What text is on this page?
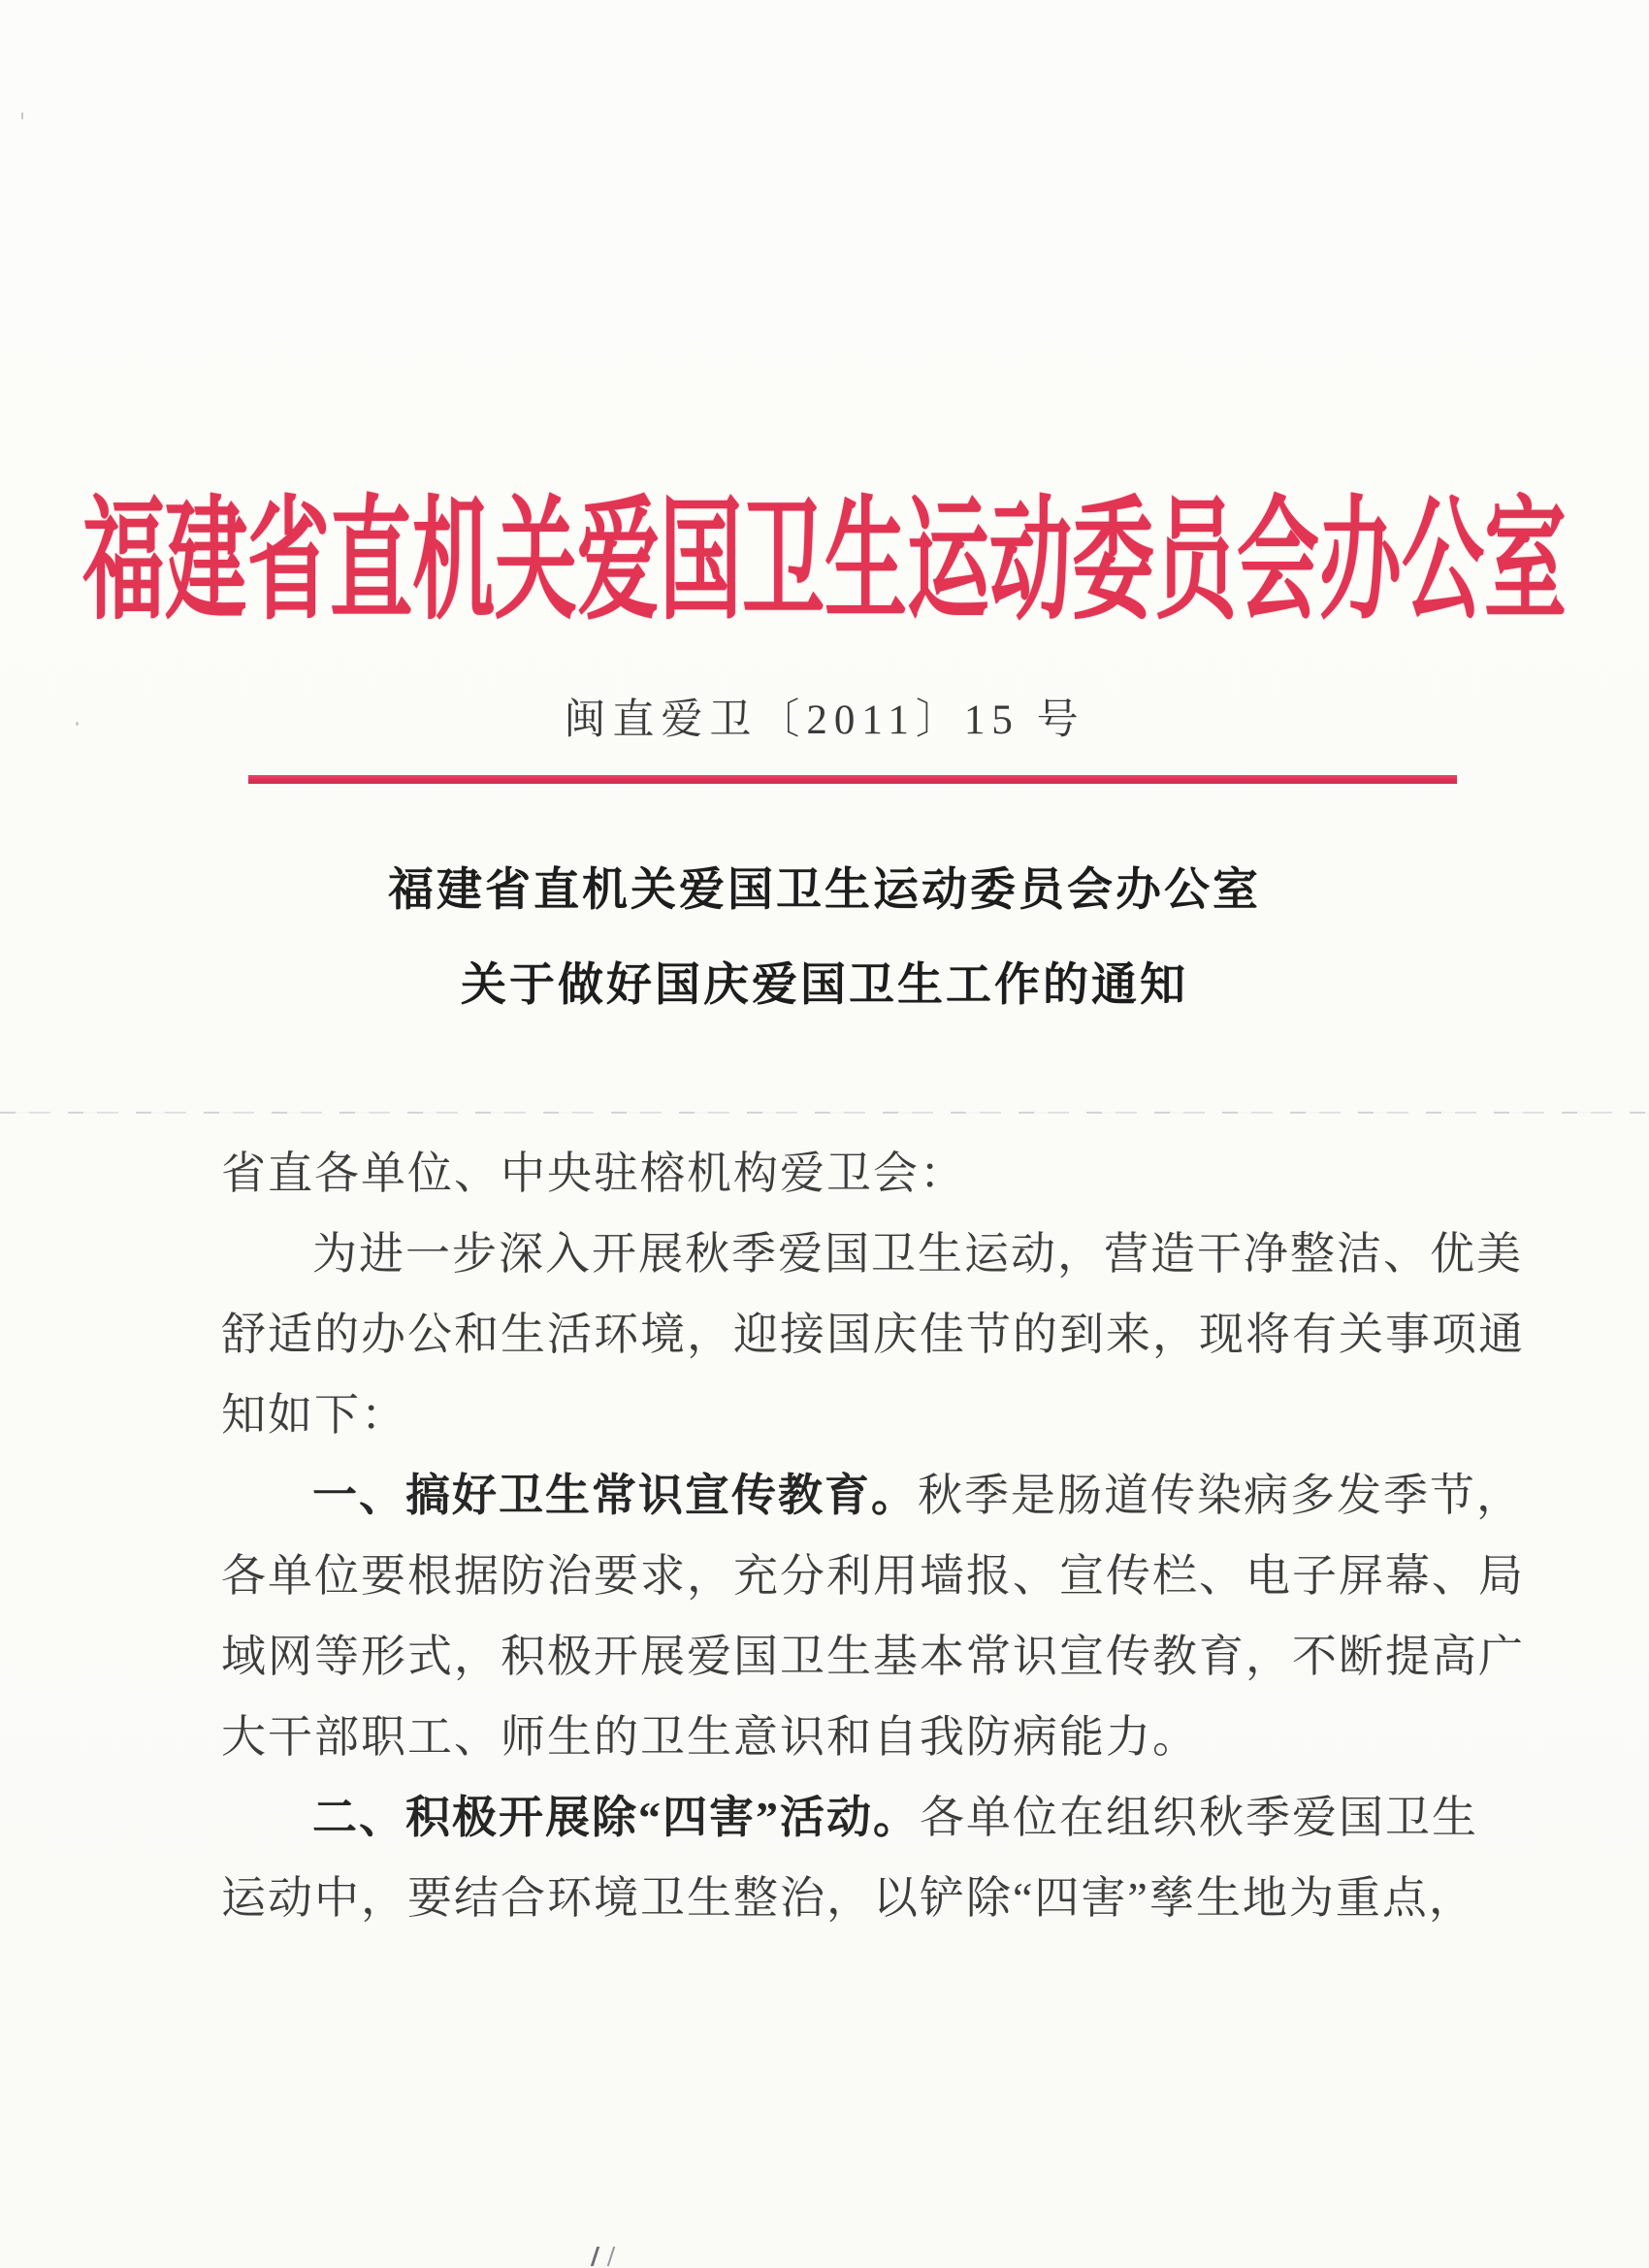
福建省直机关爱国卫生运动委员会办公室
闽直爱卫〔2011〕15 号
福建省直机关爱国卫生运动委员会办公室
关于做好国庆爱国卫生工作的通知
省直各单位、中央驻榕机构爱卫会：
为进一步深入开展秋季爱国卫生运动，营造干净整洁、优美
舒适的办公和生活环境，迎接国庆佳节的到来，现将有关事项通
知如下：
一、搞好卫生常识宣传教育。秋季是肠道传染病多发季节，
各单位要根据防治要求，充分利用墙报、宣传栏、电子屏幕、局
域网等形式，积极开展爱国卫生基本常识宣传教育，不断提高广
大干部职工、师生的卫生意识和自我防病能力。
二、积极开展除“四害”活动。各单位在组织秋季爱国卫生
运动中，要结合环境卫生整治，以铲除“四害”孳生地为重点，
